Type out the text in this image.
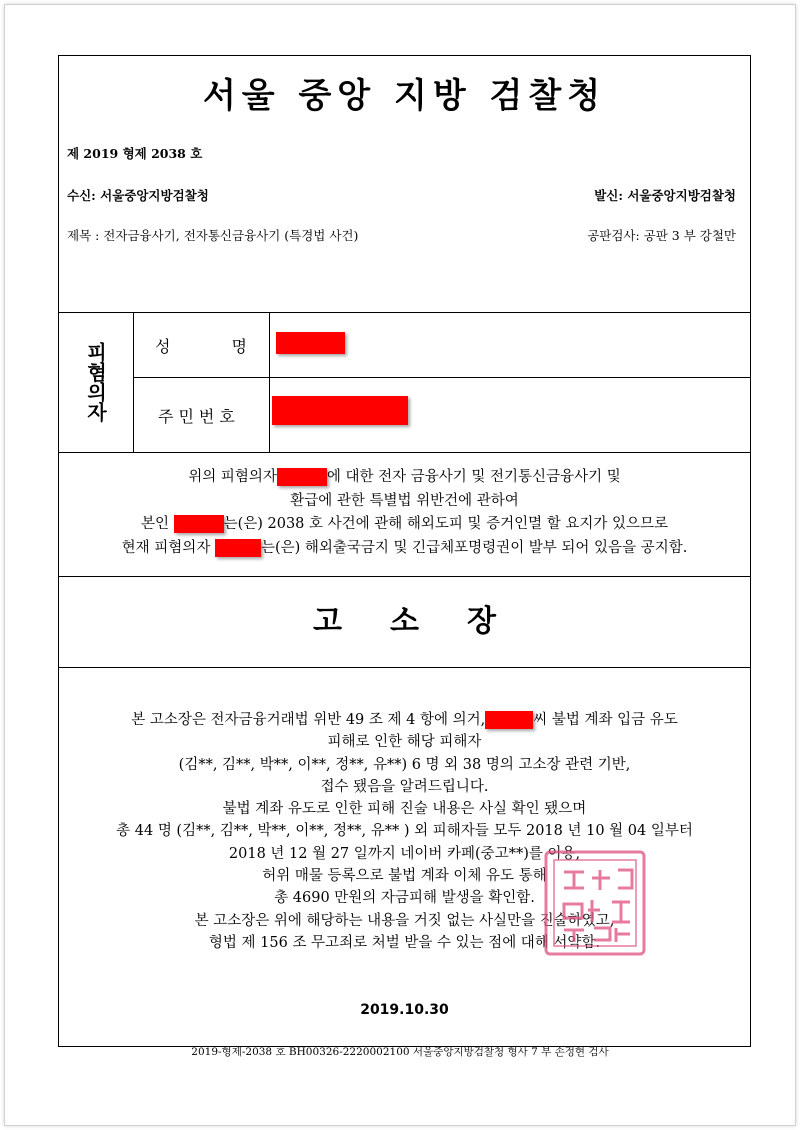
서울 중앙 지방 검찰청
제 2019 형제 2038 호
수신: 서울중앙지방검찰청	발신: 서울중앙지방검찰청
제목 : 전자금융사기, 전자통신금융사기 (특경법 사건)	공판검사: 공판 3 부 강철만
피혐의자	성 명
주민번호
위의 피혐의자	에 대한 전자 금융사기 및 전기통신금융사기 및
환급에 관한 특별법 위반건에 관하여
본인	는(은) 2038 호 사건에 관해 해외도피 및 증거인멸 할 요지가 있으므로
현재 피혐의자	는(은) 해외출국금지 및 긴급체포명령권이 발부 되어 있음을 공지함.
고 소 장
본 고소장은 전자금융거래법 위반 49 조 제 4 항에 의거,	씨 불법 계좌 입금 유도
피해로 인한 해당 피해자
(김**, 김**, 박**, 이**, 정**, 유**) 6 명 외 38 명의 고소장 관련 기반,
접수 됐음을 알려드립니다.
불법 계좌 유도로 인한 피해 진술 내용은 사실 확인 됐으며
총 44 명 (김**, 김**, 박**, 이**, 정**, 유** ) 외 피해자들 모두 2018 년 10 월 04 일부터
2018 년 12 월 27 일까지 네이버 카페(중고**)를 이용,
허위 매물 등록으로 불법 계좌 이체 유도 통해
총 4690 만원의 자금피해 발생을 확인함.
본 고소장은 위에 해당하는 내용을 거짓 없는 사실만을 진술하였고,
형법 제 156 조 무고죄로 처벌 받을 수 있는 점에 대해 서약함.
2019.10.30
2019-형제-2038 호 BH00326-2220002100 서울중앙지방검찰청 형사 7 부 손정현 검사
